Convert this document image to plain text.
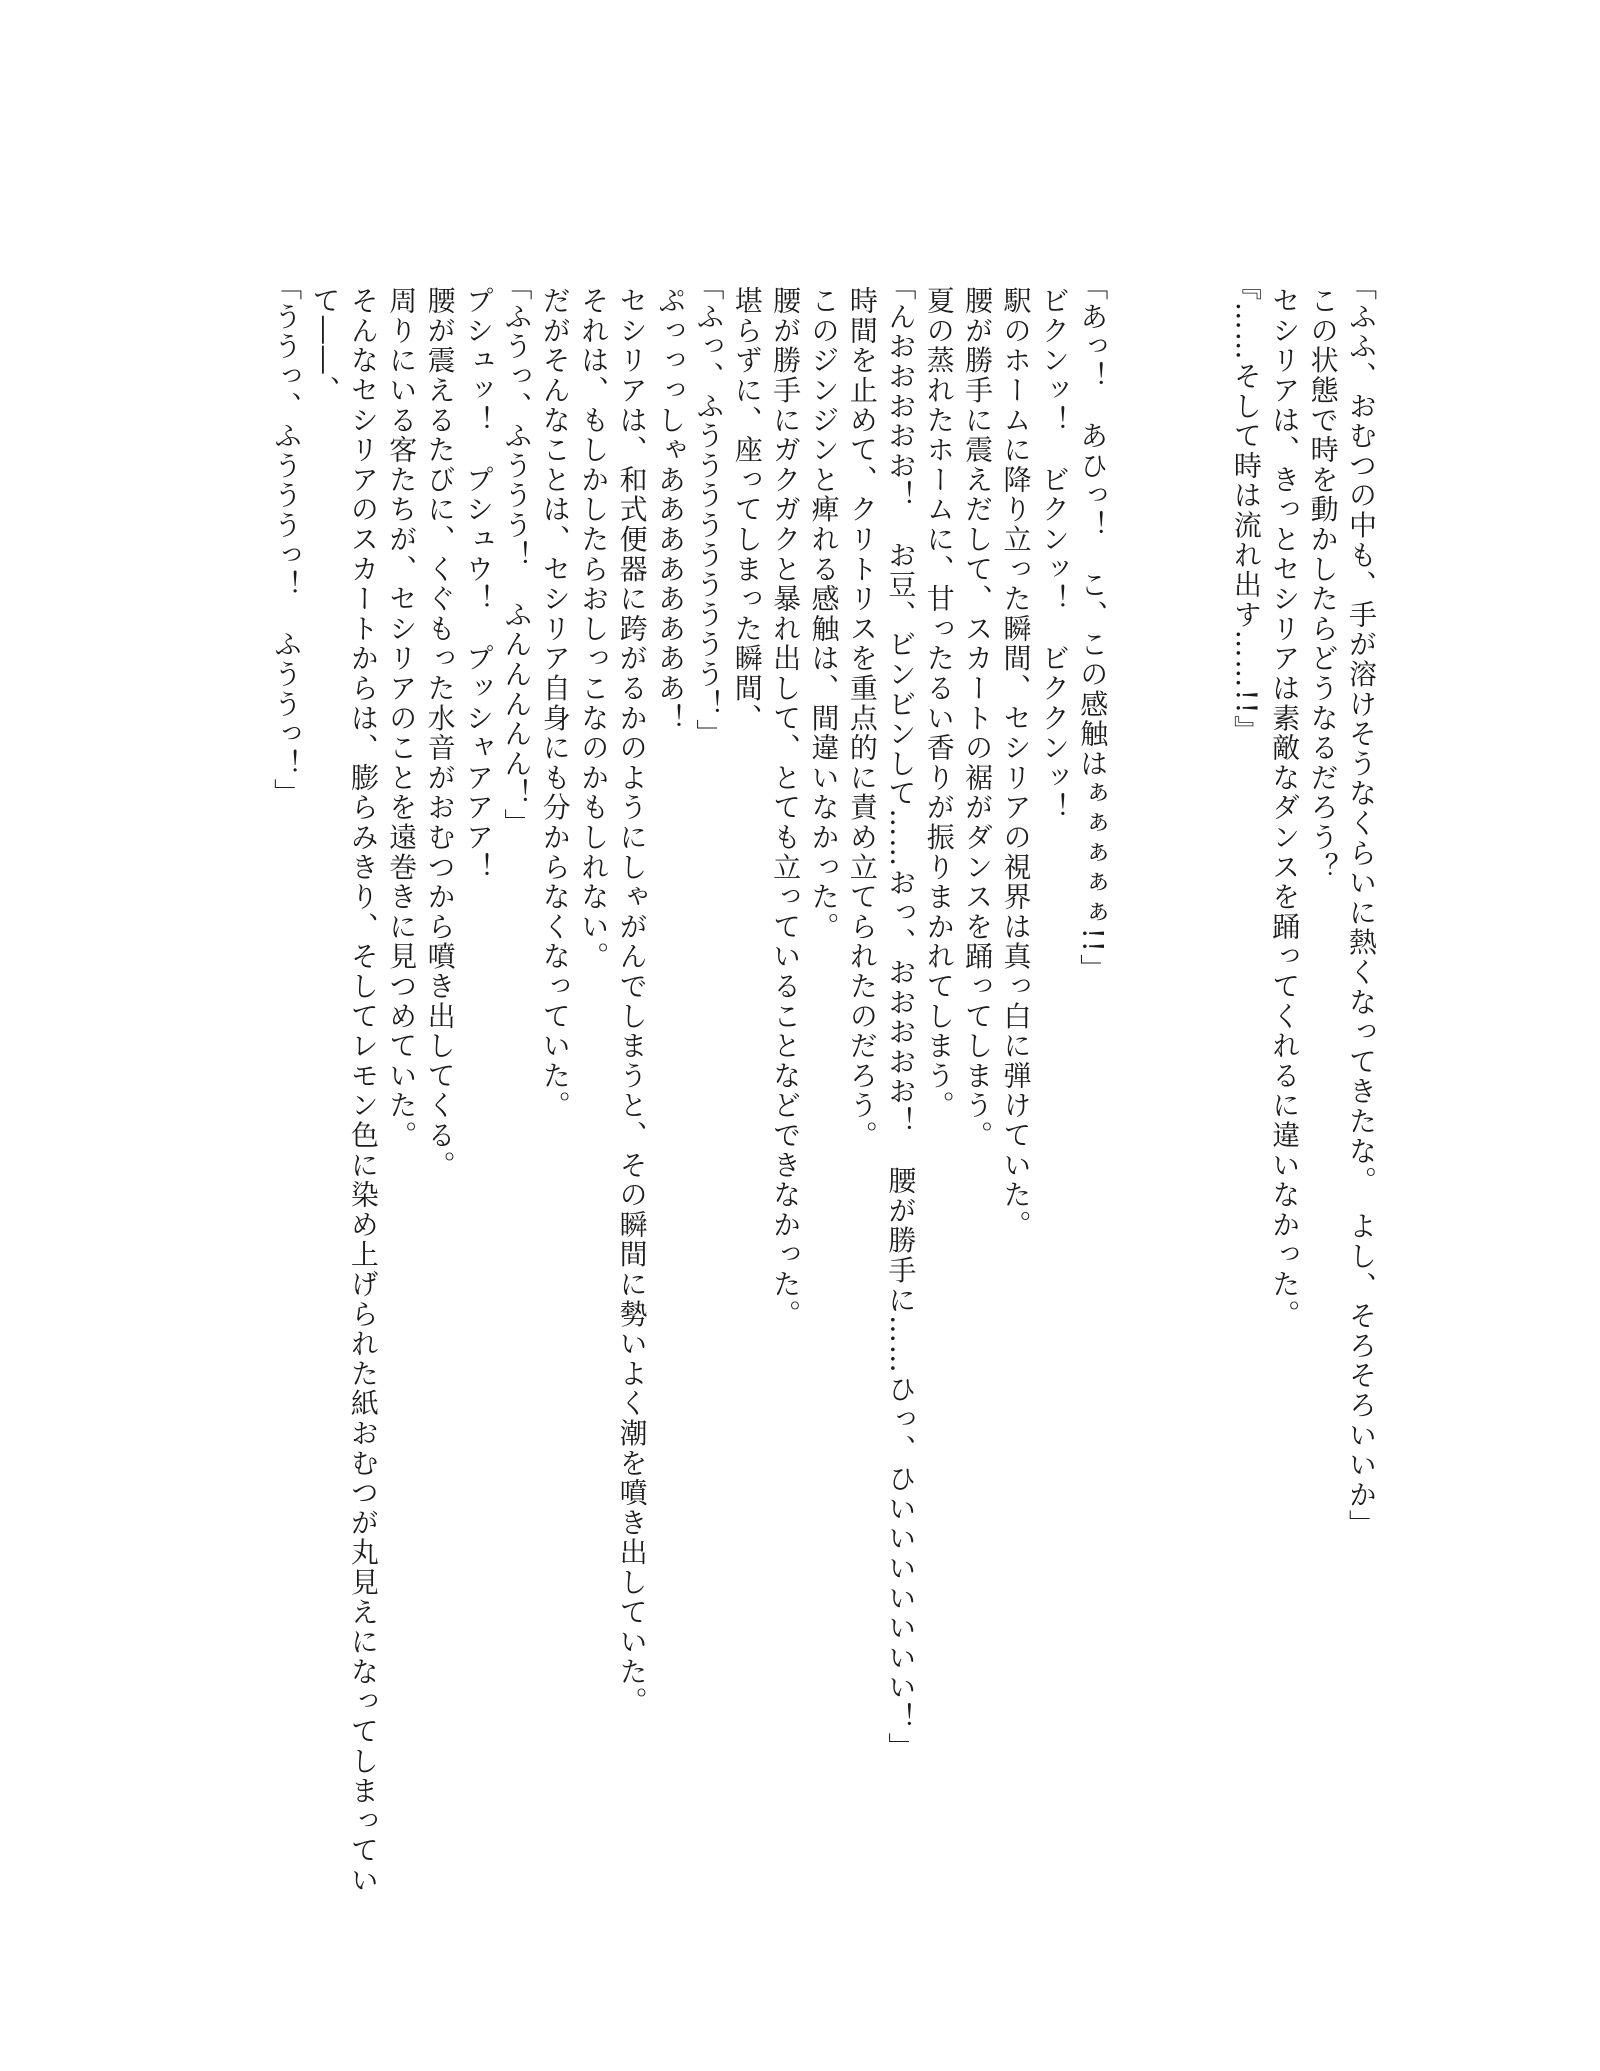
「ふふ、おむつの中も、手が溶けそうなくらいに熱くなってきたな。　よし、そろそろいいか」
この状態で時を動かしたらどうなるだろう？
セシリアは、きっとセシリアは素敵なダンスを踊ってくれるに違いなかった。
『……そして時は流れ出す……!!』
「あっ！　あひっ！　こ、この感触はぁぁぁぁぁ!!」
ビクンッ！　ビクンッ！　ビククンッ！
駅のホームに降り立った瞬間、セシリアの視界は真っ白に弾けていた。
腰が勝手に震えだして、スカートの裾がダンスを踊ってしまう。
夏の蒸れたホームに、甘ったるい香りが振りまかれてしまう。
「んおおおおお！　お豆、ビンビンして……おっ、おおおおお！　腰が勝手に……ひっ、ひいいいいいいい！」
時間を止めて、クリトリスを重点的に責め立てられたのだろう。
このジンジンと痺れる感触は、間違いなかった。
腰が勝手にガクガクと暴れ出して、とても立っていることなどできなかった。
堪らずに、座ってしまった瞬間、
「ふっ、ふううううううううう！」
ぷっっっしゃああああああああ！
セシリアは、和式便器に跨がるかのようにしゃがんでしまうと、その瞬間に勢いよく潮を噴き出していた。
それは、もしかしたらおしっこなのかもしれない。
だがそんなことは、セシリア自身にも分からなくなっていた。
「ふうっ、ふううう！　ふんんんんん！」
プシュッ！　プシュウ！　プッシャアアア！
腰が震えるたびに、くぐもった水音がおむつから噴き出してくる。
周りにいる客たちが、セシリアのことを遠巻きに見つめていた。
そんなセシリアのスカートからは、膨らみきり、そしてレモン色に染め上げられた紙おむつが丸見えになってしまってい
て――、
「ううっ、ふうううっ！　ふううっ！」
